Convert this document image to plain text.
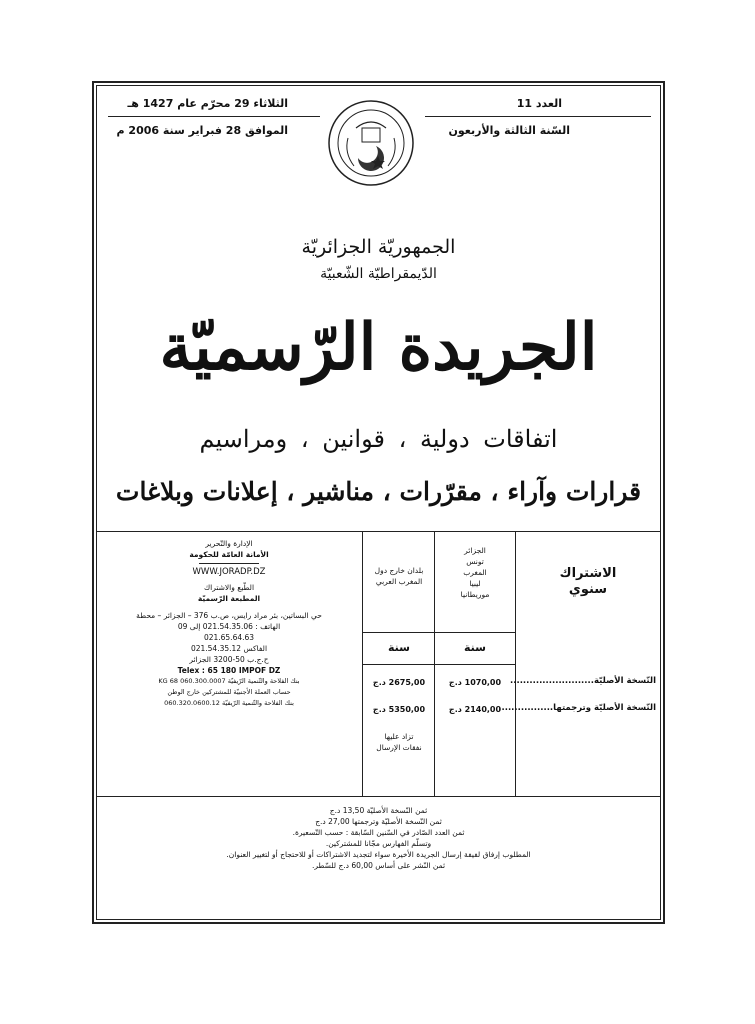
الثلاثاء 29 محرّم عام 1427 هـ
الموافق 28 فبراير سنة 2006 م
العدد 11
السّنة الثالثة والأربعون
الجمهوريّة الجزائريّة
الدّيمقراطيّة الشّعبيّة
الجريدة الرّسميّة
اتفاقات دولية ، قوانين ، ومراسيم
قرارات وآراء ، مقرّرات ، مناشير ، إعلانات وبلاغات
الاشتراك
سنوي
النّسخة الأصليّة..........................
النّسخة الأصليّة وترجمتها.................
الجزائر
تونس
المغرب
ليبيا
موريطانيا
بلدان خارج دول
المغرب العربي
سنة
سنة
1070,00 د.ج
2140,00 د.ج
2675,00 د.ج
5350,00 د.ج
تزاد عليها
نفقات الإرسال
الإدارة والتّحرير
الأمانة العامّة للحكومة
WWW.JORADP.DZ
الطّبع والاشتراك
المطبعة الرّسميّة
حي البساتين، بئر مراد رايس، ص.ب 376 – الجزائر – محطة
الهاتف : 021.54.35.06 إلى 09
021.65.64.63
الفاكس 021.54.35.12
ح.ج.ب 50-3200 الجزائر
Telex : 65 180 IMPOF DZ
بنك الفلاحة والتّنمية الرّيفيّة 060.300.0007 68 KG
حساب العملة الأجنبيّة للمشتركين خارج الوطن
بنك الفلاحة والتّنمية الرّيفيّة 060.320.0600.12
ثمن النّسخة الأصليّة 13,50 د.ج
ثمن النّسخة الأصليّة وترجمتها 27,00 د.ج
ثمن العدد الصّادر في السّنين السّابقة : حسب التّسعيرة.
وتسلّم الفهارس مجّانا للمشتركين.
المطلوب إرفاق لفيفة إرسال الجريدة الأخيرة سواء لتجديد الاشتراكات أو للاحتجاج أو لتغيير العنوان.
ثمن النّشر على أساس 60,00 د.ج للسّطر.
